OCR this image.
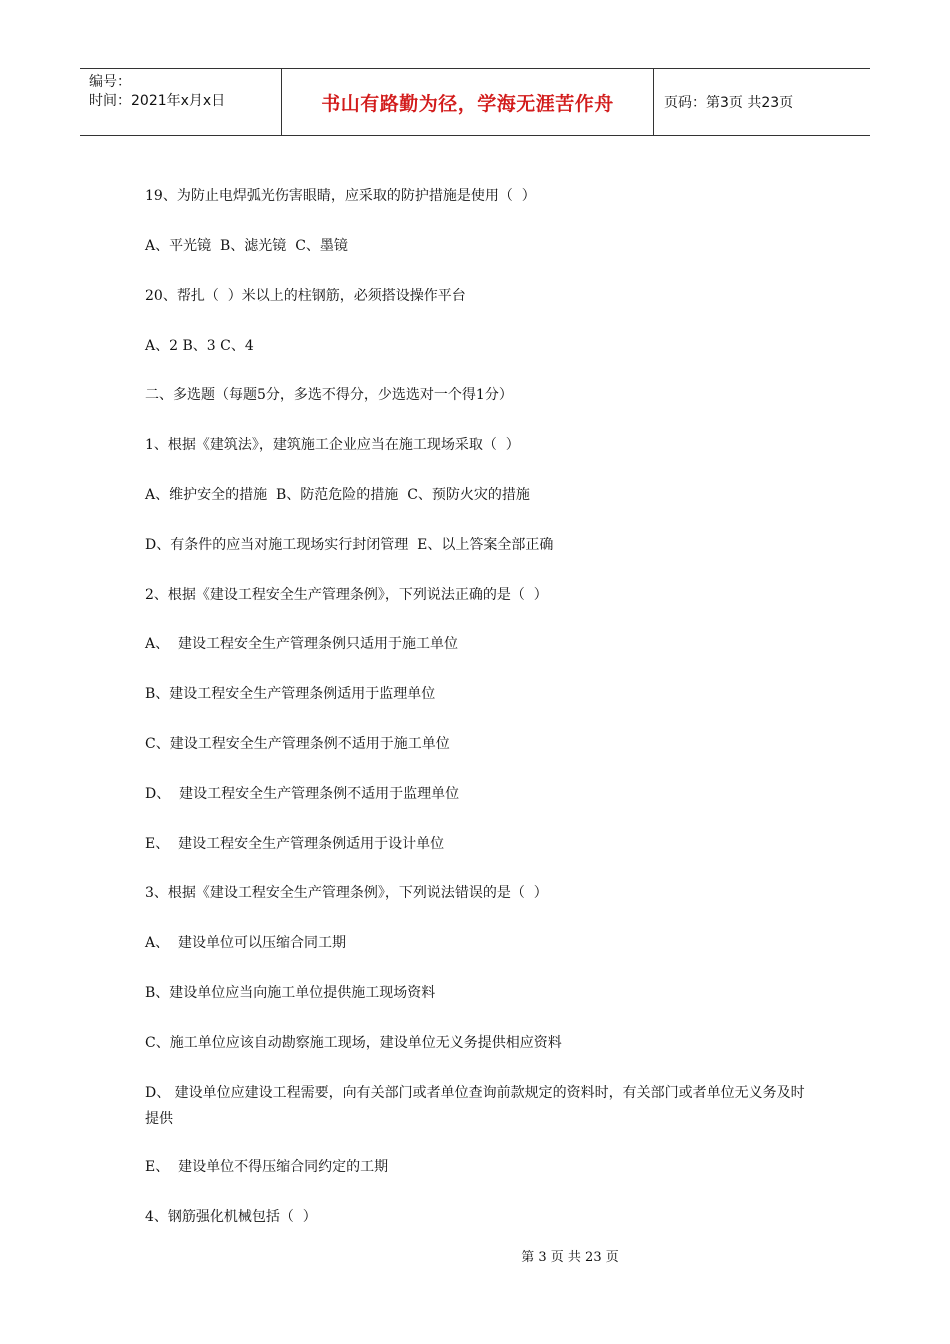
编号：
时间：2021年x月x日	书山有路勤为径，学海无涯苦作舟	页码：第3页 共23页
19、为防止电焊弧光伤害眼睛，应采取的防护措施是使用（  ）
A、平光镜  B、滤光镜  C、墨镜
20、帮扎（  ）米以上的柱钢筋，必须搭设操作平台
A、2 B、3 C、4
二、多选题（每题5分，多选不得分，少选选对一个得1分）
1、根据《建筑法》，建筑施工企业应当在施工现场采取（  ）
A、维护安全的措施  B、防范危险的措施  C、预防火灾的措施
D、有条件的应当对施工现场实行封闭管理  E、以上答案全部正确
2、根据《建设工程安全生产管理条例》，下列说法正确的是（  ）
A、  建设工程安全生产管理条例只适用于施工单位
B、建设工程安全生产管理条例适用于监理单位
C、建设工程安全生产管理条例不适用于施工单位
D、  建设工程安全生产管理条例不适用于监理单位
E、  建设工程安全生产管理条例适用于设计单位
3、根据《建设工程安全生产管理条例》，下列说法错误的是（  ）
A、  建设单位可以压缩合同工期
B、建设单位应当向施工单位提供施工现场资料
C、施工单位应该自动勘察施工现场，建设单位无义务提供相应资料
D、 建设单位应建设工程需要，向有关部门或者单位查询前款规定的资料时，有关部门或者单位无义务及时提供
E、  建设单位不得压缩合同约定的工期
4、钢筋强化机械包括（  ）
第 3 页 共 23 页
